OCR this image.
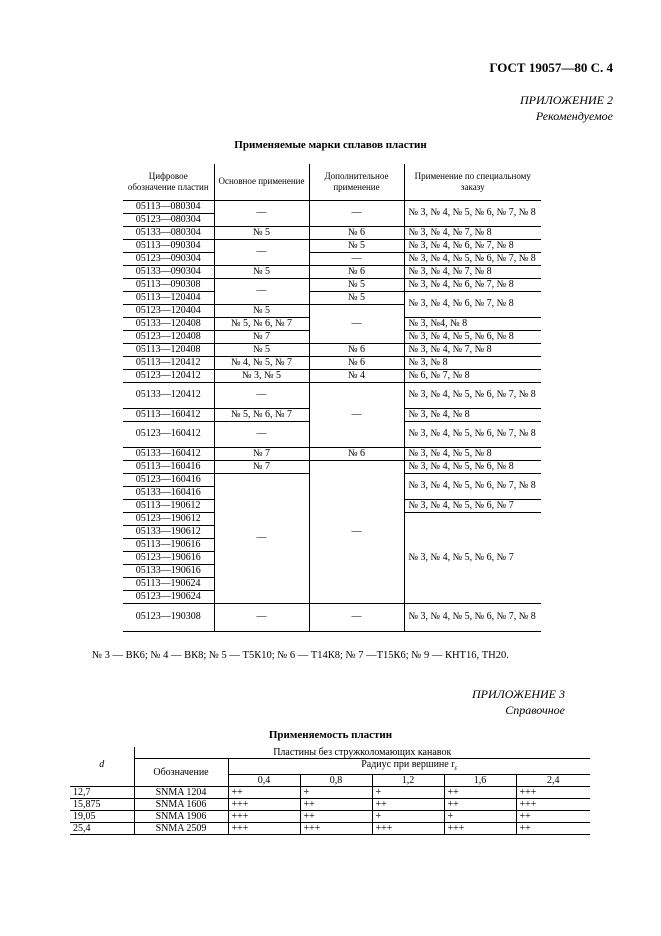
ГОСТ 19057—80 С. 4
ПРИЛОЖЕНИЕ 2
Рекомендуемое
Применяемые марки сплавов пластин
Цифровое обозначение пластин	Основное применение	Дополнительное применение	Применение по специальному заказу
05113—080304	—	—	№ 3, № 4, № 5, № 6, № 7, № 8
05123—080304			
05133—080304	№ 5	№ 6	№ 3, № 4, № 7, № 8
05113—090304	—	№ 5	№ 3, № 4, № 6, № 7, № 8
05123—090304		—	№ 3, № 4, № 5, № 6, № 7, № 8
05133—090304	№ 5	№ 6	№ 3, № 4, № 7, № 8
05113—090308	—	№ 5	№ 3, № 4, № 6, № 7, № 8
05113—120404		№ 5	№ 3, № 4, № 6, № 7, № 8
05123—120404	№ 5	—	
05133—120408	№ 5, № 6, № 7		№ 3, №4, № 8
05123—120408	№ 7		№ 3, № 4, № 5, № 6, № 8
05113—120408	№ 5	№ 6	№ 3, № 4, № 7, № 8
05113—120412	№ 4, № 5, № 7	№ 6	№ 3, № 8
05123—120412	№ 3, № 5	№ 4	№ 6, № 7, № 8
05133—120412	—	—	№ 3, № 4, № 5, № 6, № 7, № 8
05113—160412	№ 5, № 6, № 7		№ 3, № 4, № 8
05123—160412	—		№ 3, № 4, № 5, № 6, № 7, № 8
05133—160412	№ 7	№ 6	№ 3, № 4, № 5, № 8
05113—160416	№ 7	—	№ 3, № 4, № 5, № 6, № 8
05123—160416	—		№ 3, № 4, № 5, № 6, № 7, № 8
05133—160416			
05113—190612			№ 3, № 4, № 5, № 6, № 7
05123—190612			№ 3, № 4, № 5, № 6, № 7
05133—190612			
05113—190616			
05123—190616			
05133—190616			
05113—190624			
05123—190624			
05123—190308	—	—	№ 3, № 4, № 5, № 6, № 7, № 8
№ 3 — ВК6; № 4 — ВК8; № 5 — Т5К10; № 6 — Т14К8; № 7 —Т15К6; № 9 — КНТ16, ТН20.
ПРИЛОЖЕНИЕ 3
Справочное
Применяемость пластин
d	Пластины без стружколомающих канавок					
	Обозначение	Радиус при вершине $r_\varepsilon$
		0,4	0,8	1,2	1,6	2,4
12,7	SNMA 1204	++	+	+	++	+++
15,875	SNMA 1606	+++	++	++	++	+++
19,05	SNMA 1906	+++	++	+	+	++
25,4	SNMA 2509	+++	+++	+++	+++	++
